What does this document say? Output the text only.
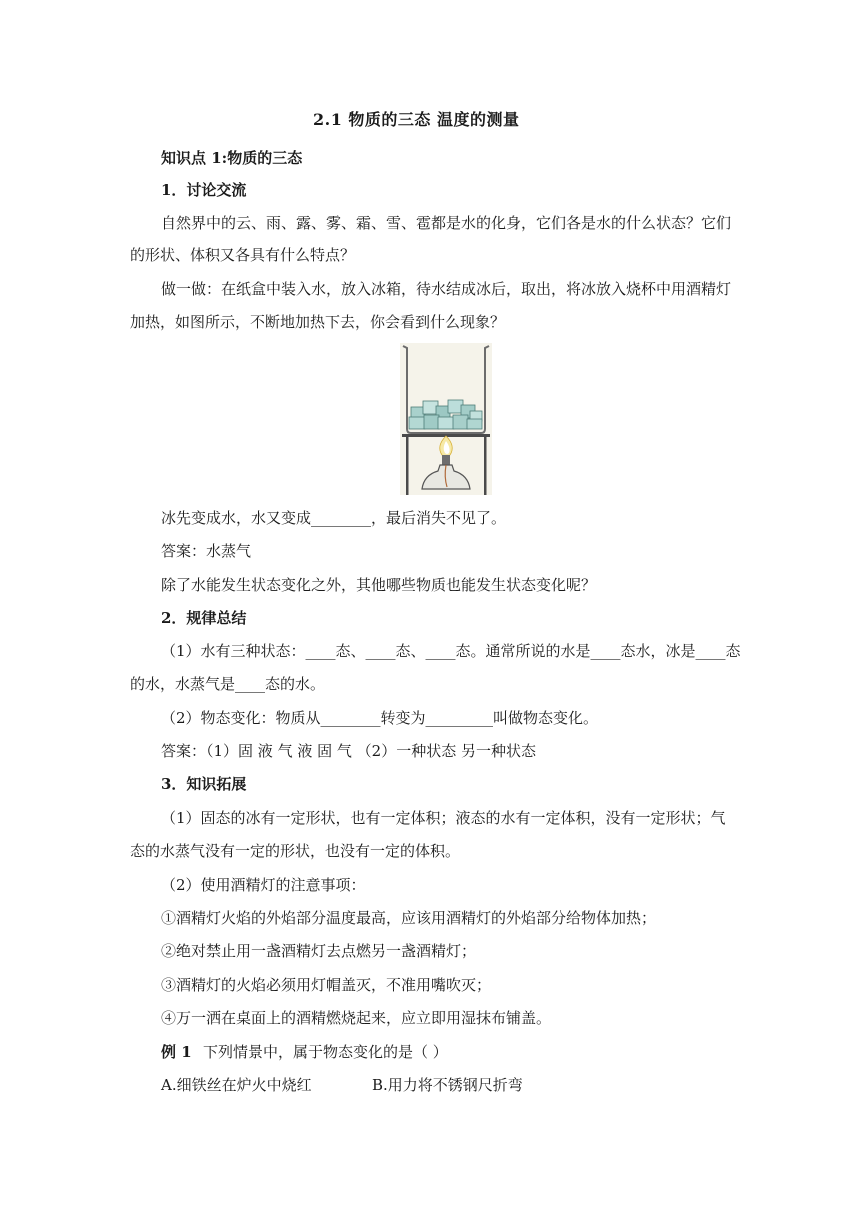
2.1 物质的三态 温度的测量
知识点 1:物质的三态
1．讨论交流
自然界中的云、雨、露、雾、霜、雪、雹都是水的化身，它们各是水的什么状态？它们
的形状、体积又各具有什么特点？
做一做：在纸盒中装入水，放入冰箱，待水结成冰后，取出，将冰放入烧杯中用酒精灯
加热，如图所示，不断地加热下去，你会看到什么现象？
冰先变成水，水又变成________，最后消失不见了。
答案：水蒸气
除了水能发生状态变化之外，其他哪些物质也能发生状态变化呢？
2．规律总结
（1）水有三种状态：____态、____态、____态。通常所说的水是____态水，冰是____态
的水，水蒸气是____态的水。
（2）物态变化：物质从________转变为_________叫做物态变化。
答案：（1）固 液 气 液 固 气 （2）一种状态 另一种状态
3．知识拓展
（1）固态的冰有一定形状，也有一定体积；液态的水有一定体积，没有一定形状；气
态的水蒸气没有一定的形状，也没有一定的体积。
（2）使用酒精灯的注意事项：
①酒精灯火焰的外焰部分温度最高，应该用酒精灯的外焰部分给物体加热；
②绝对禁止用一盏酒精灯去点燃另一盏酒精灯；
③酒精灯的火焰必须用灯帽盖灭，不准用嘴吹灭；
④万一洒在桌面上的酒精燃烧起来，应立即用湿抹布铺盖。
例 1 下列情景中，属于物态变化的是（ ）
A.细铁丝在炉火中烧红	B.用力将不锈钢尺折弯
